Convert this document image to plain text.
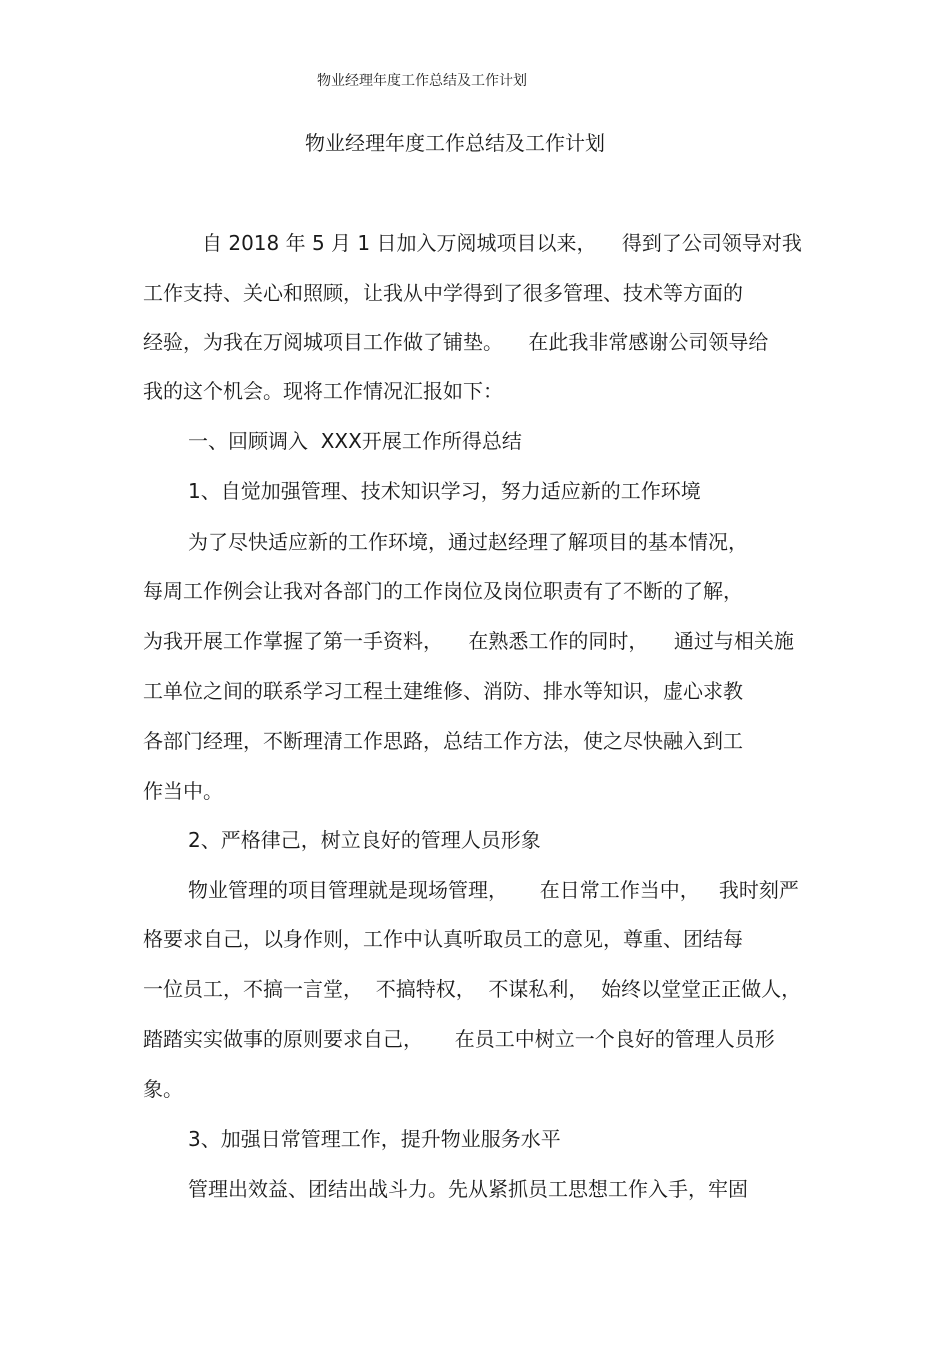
物业经理年度工作总结及工作计划
物业经理年度工作总结及工作计划
自 2018 年 5 月 1 日加入万阅城项目以来，    得到了公司领导对我
工作支持、关心和照顾，让我从中学得到了很多管理、技术等方面的
经验，为我在万阅城项目工作做了铺垫。    在此我非常感谢公司领导给
我的这个机会。现将工作情况汇报如下：
一、回顾调入  XXX开展工作所得总结
1、自觉加强管理、技术知识学习，努力适应新的工作环境
为了尽快适应新的工作环境，通过赵经理了解项目的基本情况，
每周工作例会让我对各部门的工作岗位及岗位职责有了不断的了解，
为我开展工作掌握了第一手资料，    在熟悉工作的同时，    通过与相关施
工单位之间的联系学习工程土建维修、消防、排水等知识，虚心求教
各部门经理，不断理清工作思路，总结工作方法，使之尽快融入到工
作当中。
2、严格律己，树立良好的管理人员形象
物业管理的项目管理就是现场管理，     在日常工作当中，   我时刻严
格要求自己，以身作则，工作中认真听取员工的意见，尊重、团结每
一位员工，不搞一言堂，  不搞特权，  不谋私利，  始终以堂堂正正做人，
踏踏实实做事的原则要求自己，     在员工中树立一个良好的管理人员形
象。
3、加强日常管理工作，提升物业服务水平
管理出效益、团结出战斗力。先从紧抓员工思想工作入手，牢固
